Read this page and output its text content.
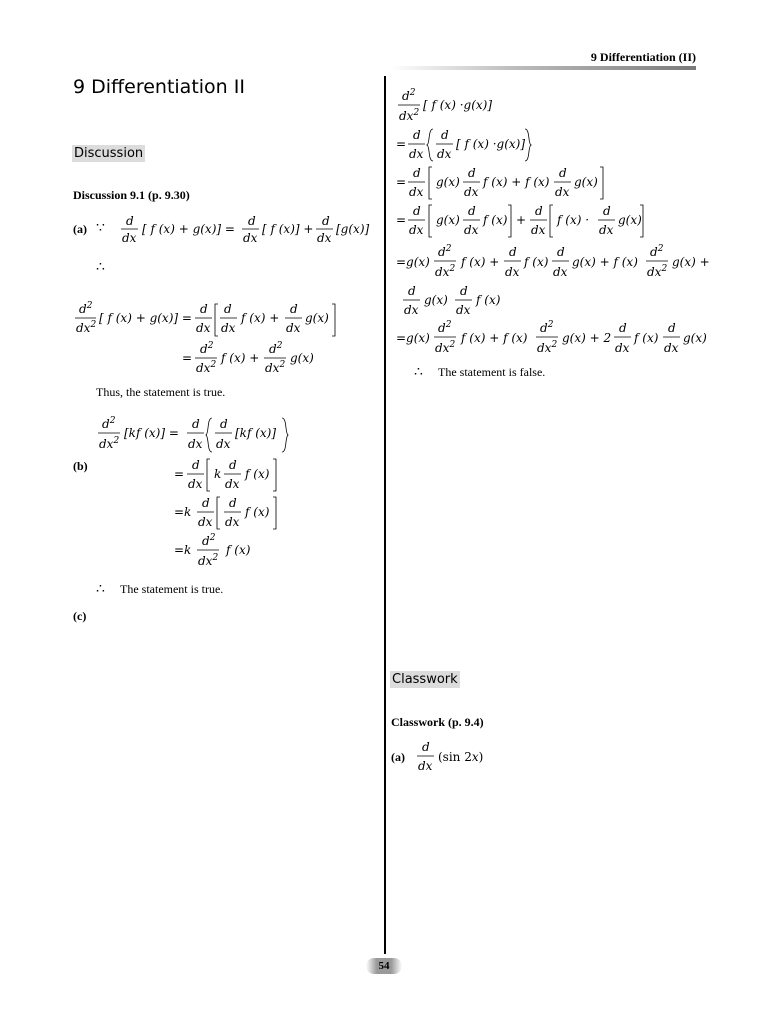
9 Differentiation (II)
9 Differentiation II
Discussion
Discussion 9.1 (p. 9.30)
(a) ∵ d
dx
[ f (x) + g(x)] =
d
dx
[ f (x)] +
d
dx
[g(x)]
∴
$d^2$
$dx^2$ [ f (x) + g(x)] =
d
dx
d
dx
f (x) +
d
dx
g(x)
=
$d^2$
$dx^2$ f (x) +
$d^2$
$dx^2$ g(x)
Thus, the statement is true.
$d^2$
$dx^2$
[kf (x)] =
d
dx
d
dx
[kf (x)]
(b)
=
d
dx
k
d
dx
f (x)
=k
d
dx
d
dx
f (x)
=k
$d^2$
$dx^2$
f (x)
∴ The statement is true.
(c)
$d^2$
$dx^2$
[ f (x) ·g(x)]
=
d
dx
d
dx
[ f (x) ·g(x)]
=
d
dx
g(x)
d
dx
f (x) + f (x)
d
dx
g(x)
=
d
dx
g(x)
d
dx
f (x) +
d
dx
f (x) ·
d
dx
g(x)
=g(x)
$d^2$
$dx^2$ f (x) +
d
dx
f (x)
d
dx
g(x) + f (x)
$d^2$
$dx^2$ g(x) +
d
dx
g(x)
d
dx
f (x)
=g(x)
$d^2$
$dx^2$ f (x) + f (x)
$d^2$
$dx^2$ g(x) + 2
d
dx
f (x)
d
dx
g(x)
∴ The statement is false.
Classwork
Classwork (p. 9.4)
(a)
d
dx
(sin 2x)
54
